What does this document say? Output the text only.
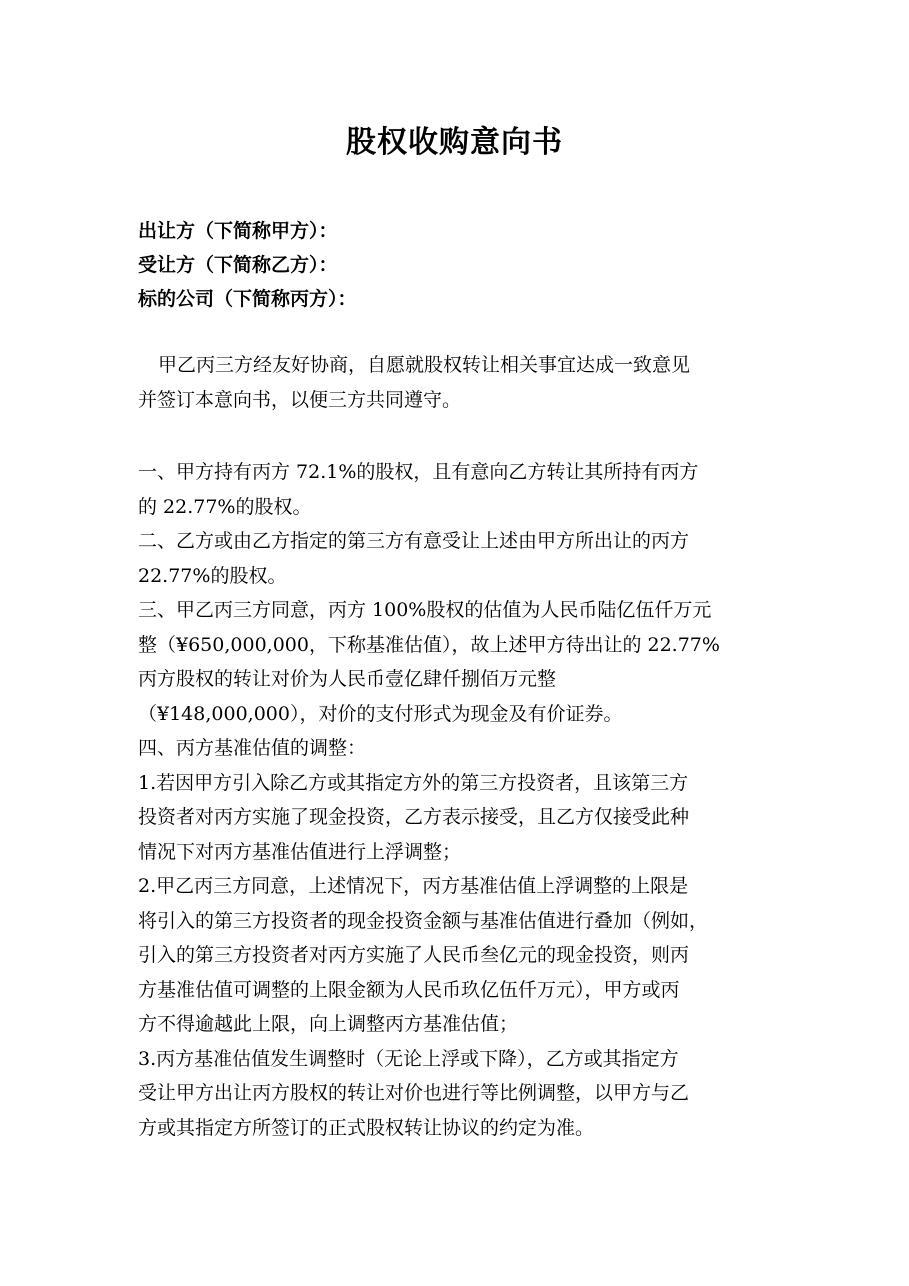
股权收购意向书
出让方（下简称甲方）：
受让方（下简称乙方）：
标的公司（下简称丙方）：
甲乙丙三方经友好协商，自愿就股权转让相关事宜达成一致意见
并签订本意向书，以便三方共同遵守。
一、甲方持有丙方 72.1%的股权，且有意向乙方转让其所持有丙方
的 22.77%的股权。
二、乙方或由乙方指定的第三方有意受让上述由甲方所出让的丙方
22.77%的股权。
三、甲乙丙三方同意，丙方 100%股权的估值为人民币陆亿伍仟万元
整（¥650,000,000，下称基准估值），故上述甲方待出让的 22.77%
丙方股权的转让对价为人民币壹亿肆仟捌佰万元整
（¥148,000,000），对价的支付形式为现金及有价证券。
四、丙方基准估值的调整：
1.若因甲方引入除乙方或其指定方外的第三方投资者，且该第三方
投资者对丙方实施了现金投资，乙方表示接受，且乙方仅接受此种
情况下对丙方基准估值进行上浮调整；
2.甲乙丙三方同意，上述情况下，丙方基准估值上浮调整的上限是
将引入的第三方投资者的现金投资金额与基准估值进行叠加（例如，
引入的第三方投资者对丙方实施了人民币叁亿元的现金投资，则丙
方基准估值可调整的上限金额为人民币玖亿伍仟万元），甲方或丙
方不得逾越此上限，向上调整丙方基准估值；
3.丙方基准估值发生调整时（无论上浮或下降），乙方或其指定方
受让甲方出让丙方股权的转让对价也进行等比例调整，以甲方与乙
方或其指定方所签订的正式股权转让协议的约定为准。
